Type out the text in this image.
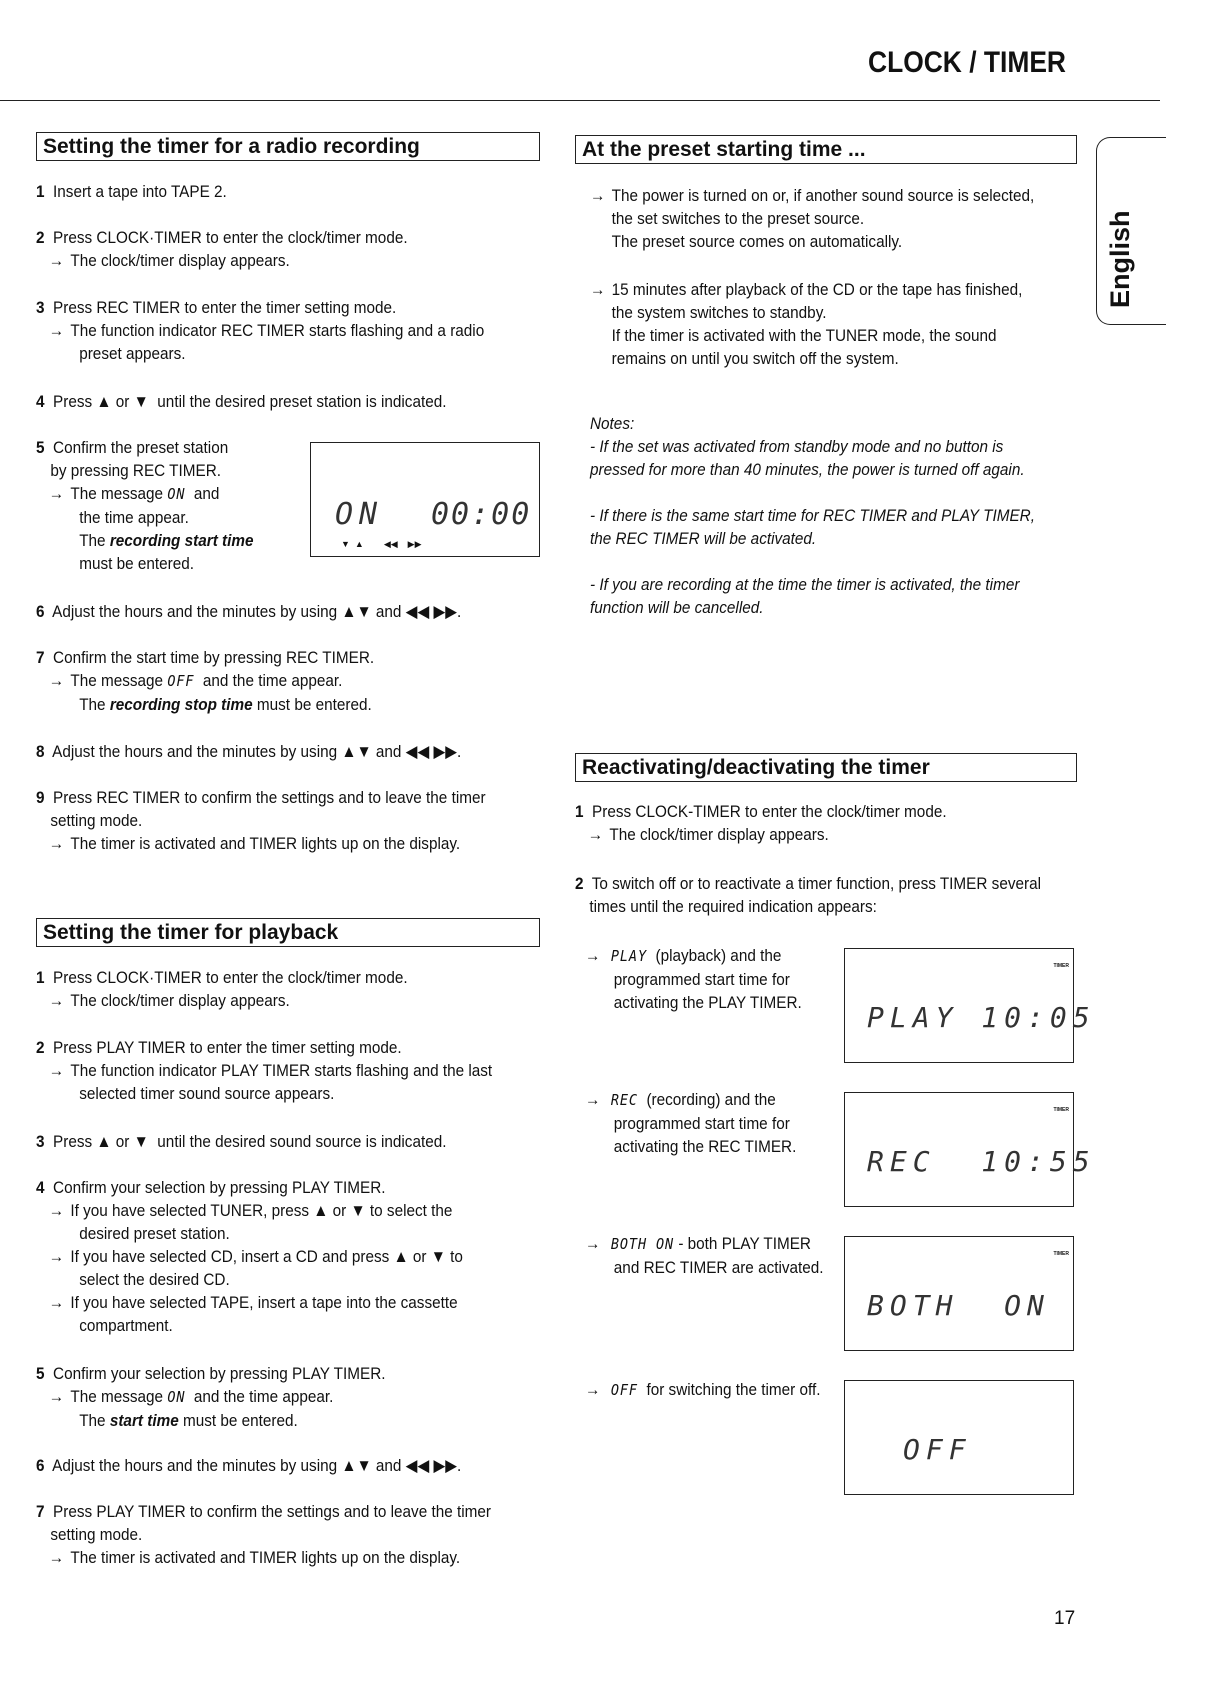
CLOCK / TIMER
English
Setting the timer for a radio recording
1 Insert a tape into TAPE 2.
2 Press CLOCK·TIMER to enter the clock/timer mode.
→ The clock/timer display appears.
3 Press REC TIMER to enter the timer setting mode.
→ The function indicator REC TIMER starts flashing and a radio
preset appears.
4 Press ▲ or ▼ until the desired preset station is indicated.
5 Confirm the preset station
by pressing REC TIMER.
→ The message ON and
the time appear.
The recording start time
must be entered.
ON 00:00
▼  ▲        ◀◀    ▶▶
6 Adjust the hours and the minutes by using ▲▼ and ◀◀ ▶▶.
7 Confirm the start time by pressing REC TIMER.
→ The message OFF and the time appear.
The recording stop time must be entered.
8 Adjust the hours and the minutes by using ▲▼ and ◀◀ ▶▶.
9 Press REC TIMER to confirm the settings and to leave the timer
setting mode.
→ The timer is activated and TIMER lights up on the display.
Setting the timer for playback
1 Press CLOCK·TIMER to enter the clock/timer mode.
→ The clock/timer display appears.
2 Press PLAY TIMER to enter the timer setting mode.
→ The function indicator PLAY TIMER starts flashing and the last
selected timer sound source appears.
3 Press ▲ or ▼ until the desired sound source is indicated.
4 Confirm your selection by pressing PLAY TIMER.
→ If you have selected TUNER, press ▲ or ▼ to select the
desired preset station.
→ If you have selected CD, insert a CD and press ▲ or ▼ to
select the desired CD.
→ If you have selected TAPE, insert a tape into the cassette
compartment.
5 Confirm your selection by pressing PLAY TIMER.
→ The message ON and the time appear.
The start time must be entered.
6 Adjust the hours and the minutes by using ▲▼ and ◀◀ ▶▶.
7 Press PLAY TIMER to confirm the settings and to leave the timer
setting mode.
→ The timer is activated and TIMER lights up on the display.
At the preset starting time ...
→ The power is turned on or, if another sound source is selected,
the set switches to the preset source.
The preset source comes on automatically.
→ 15 minutes after playback of the CD or the tape has finished,
the system switches to standby.
If the timer is activated with the TUNER mode, the sound
remains on until you switch off the system.
Notes:
- If the set was activated from standby mode and no button is
pressed for more than 40 minutes, the power is turned off again.

- If there is the same start time for REC TIMER and PLAY TIMER,
the REC TIMER will be activated.

- If you are recording at the time the timer is activated, the timer
function will be cancelled.
Reactivating/deactivating the timer
1 Press CLOCK-TIMER to enter the clock/timer mode.
→ The clock/timer display appears.
2 To switch off or to reactivate a timer function, press TIMER several
times until the required indication appears:
→ PLAY (playback) and the
programmed start time for
activating the PLAY TIMER.
→ REC (recording) and the
programmed start time for
activating the REC TIMER.
→ BOTH ON - both PLAY TIMER
and REC TIMER are activated.
→ OFF for switching the timer off.
TIMER
PLAY 10:05
TIMER
REC  10:55
TIMER
BOTH  ON
OFF
17
